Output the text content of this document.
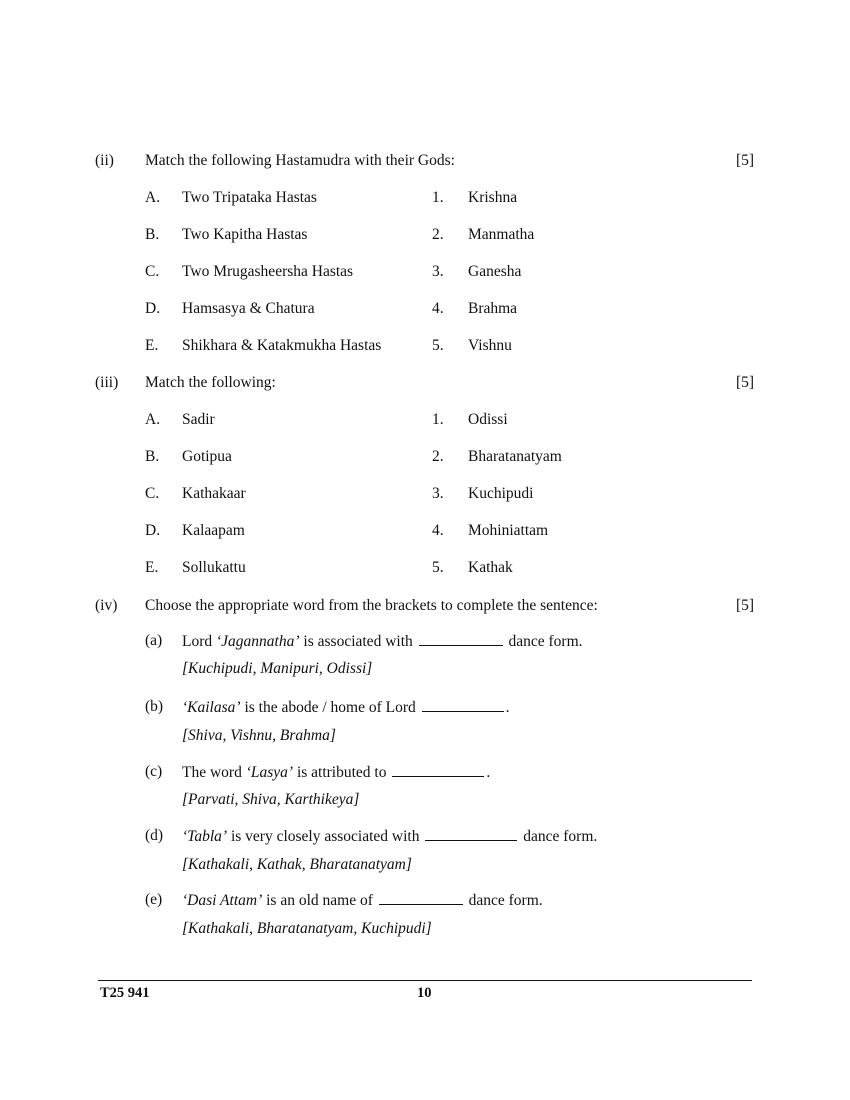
(ii) Match the following Hastamudra with their Gods:	[5]
A. Two Tripataka Hastas	1. Krishna
B. Two Kapitha Hastas	2. Manmatha
C. Two Mrugasheersha Hastas	3. Ganesha
D. Hamsasya & Chatura	4. Brahma
E. Shikhara & Katakmukha Hastas	5. Vishnu
(iii) Match the following:	[5]
A. Sadir	1. Odissi
B. Gotipua	2. Bharatanatyam
C. Kathakaar	3. Kuchipudi
D. Kalaapam	4. Mohiniattam
E. Sollukattu	5. Kathak
(iv) Choose the appropriate word from the brackets to complete the sentence:	[5]
(a) Lord ‘Jagannatha’ is associated with	dance form.
[Kuchipudi, Manipuri, Odissi]
(b) ‘Kailasa’ is the abode / home of Lord	.
[Shiva, Vishnu, Brahma]
(c) The word ‘Lasya’ is attributed to	.
[Parvati, Shiva, Karthikeya]
(d) ‘Tabla’ is very closely associated with	dance form.
[Kathakali, Kathak, Bharatanatyam]
(e) ‘Dasi Attam’ is an old name of	dance form.
[Kathakali, Bharatanatyam, Kuchipudi]
T25 941	10
